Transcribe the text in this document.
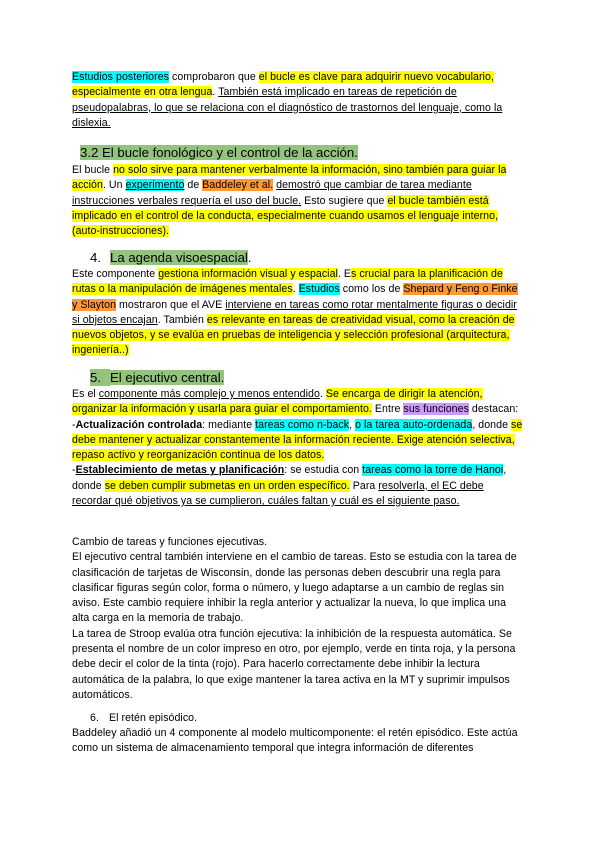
Estudios posteriores comprobaron que el bucle es clave para adquirir nuevo vocabulario, especialmente en otra lengua. También está implicado en tareas de repetición de pseudopalabras, lo que se relaciona con el diagnóstico de trastornos del lenguaje, como la dislexia.

3.2 El bucle fonológico y el control de la acción.

El bucle no solo sirve para mantener verbalmente la información, sino también para guiar la acción. Un experimento de Baddeley et al. demostró que cambiar de tarea mediante instrucciones verbales requería el uso del bucle. Esto sugiere que el bucle también está implicado en el control de la conducta, especialmente cuando usamos el lenguaje interno, (auto-instrucciones).

4. La agenda visoespacial.

Este componente gestiona información visual y espacial. Es crucial para la planificación de rutas o la manipulación de imágenes mentales. Estudios como los de Shepard y Feng o Finke y Slayton mostraron que el AVE interviene en tareas como rotar mentalmente figuras o decidir si objetos encajan. También es relevante en tareas de creatividad visual, como la creación de nuevos objetos, y se evalúa en pruebas de inteligencia y selección profesional (arquitectura, ingeniería..)

5. El ejecutivo central.

Es el componente más complejo y menos entendido. Se encarga de dirigir la atención, organizar la información y usarla para guiar el comportamiento. Entre sus funciones destacan:

-Actualización controlada: mediante tareas como n-back, o la tarea auto-ordenada, donde se debe mantener y actualizar constantemente la información reciente. Exige atención selectiva, repaso activo y reorganización continua de los datos.

-Establecimiento de metas y planificación: se estudia con tareas como la torre de Hanoi, donde se deben cumplir submetas en un orden específico. Para resolverla, el EC debe recordar qué objetivos ya se cumplieron, cuáles faltan y cuál es el siguiente paso.

Cambio de tareas y funciones ejecutivas.

El ejecutivo central también interviene en el cambio de tareas. Esto se estudia con la tarea de clasificación de tarjetas de Wisconsin, donde las personas deben descubrir una regla para clasificar figuras según color, forma o número, y luego adaptarse a un cambio de reglas sin aviso. Este cambio requiere inhibir la regla anterior y actualizar la nueva, lo que implica una alta carga en la memoria de trabajo.

La tarea de Stroop evalúa otra función ejecutiva: la inhibición de la respuesta automática. Se presenta el nombre de un color impreso en otro, por ejemplo, verde en tinta roja, y la persona debe decir el color de la tinta (rojo). Para hacerlo correctamente debe inhibir la lectura automática de la palabra, lo que exige mantener la tarea activa en la MT y suprimir impulsos automáticos.

6. El retén episódico.

Baddeley añadió un 4 componente al modelo multicomponente: el retén episódico. Este actúa como un sistema de almacenamiento temporal que integra información de diferentes
